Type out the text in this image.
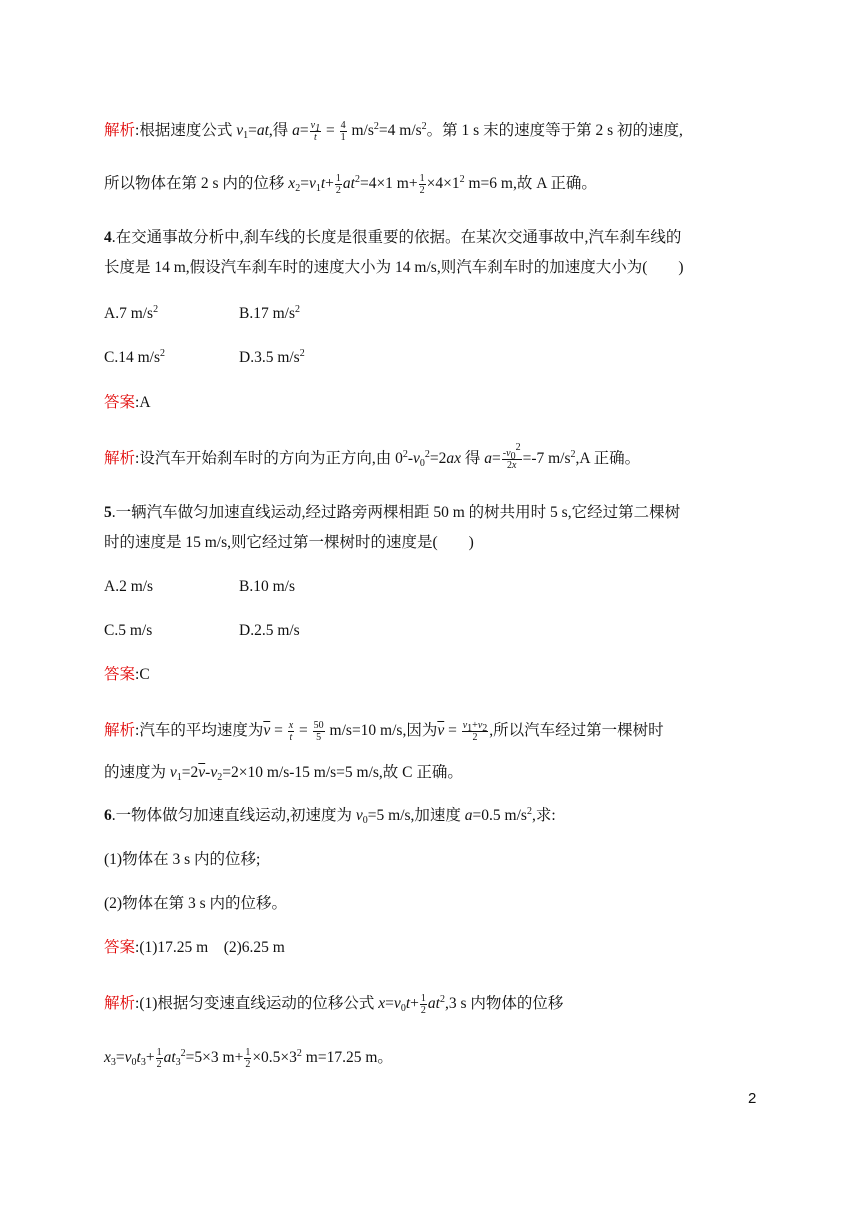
解析:根据速度公式 $v_1=at$,得 $a= \frac{v_1}{t} = \frac{4}{1} m/s^2=4$ $m/s^2$。第 1 s 末的速度等于第 2 s 初的速度,
所以物体在第 2 s 内的位移 $x_2=v_1t+ \frac{1}{2} at^2=4\times 1$ $m+ \frac{1}{2} \times 4\times 1^2$ m=6 m,故 A 正确。
4.在交通事故分析中,刹车线的长度是很重要的依据。在某次交通事故中,汽车刹车线的
长度是 14 m,假设汽车刹车时的速度大小为 14 m/s,则汽车刹车时的加速度大小为(　　)
A.7 $m/s^2$	B.17 $m/s^2$
C.14 $m/s^2$	D.3.5 $m/s^2$
答案:A
解析:设汽车开始刹车时的方向为正方向,由 $0^2-v_0^2=2ax$ 得 $a= \frac{-v_0^2}{2x} =-7$ $m/s^2,A$ 正确。
5.一辆汽车做匀加速直线运动,经过路旁两棵相距 50 m 的树共用时 5 s,它经过第二棵树
时的速度是 15 m/s,则它经过第一棵树时的速度是(　　)
A.2 m/s	B.10 m/s
C.5 m/s	D.2.5 m/s
答案:C
解析:汽车的平均速度为$\overline{v} = \frac{x}{t} = \frac{50}{5} m/s=10$ m/s,因为$\overline{v} = \frac{v_1+v_2}{2}$ ,所以汽车经过第一棵树时
的速度为 $v_1=2\overline{v}-v_2=2\times 10$ m/s-15 m/s=5 m/s,故 C 正确。
6.一物体做匀加速直线运动,初速度为 $v_0=5$ m/s,加速度 a=0.5 $m/s^2$,求:
(1)物体在 3 s 内的位移;
(2)物体在第 3 s 内的位移。
答案:(1)17.25 m　(2)6.25 m
解析:(1)根据匀变速直线运动的位移公式 $x=v_0t+ \frac{1}{2} at^2,3$ s 内物体的位移
$x_3=v_0t_3+ \frac{1}{2} at_3^2=5\times 3$ $m+ \frac{1}{2} \times 0.5\times 3^2$ m=17.25 m。
2
